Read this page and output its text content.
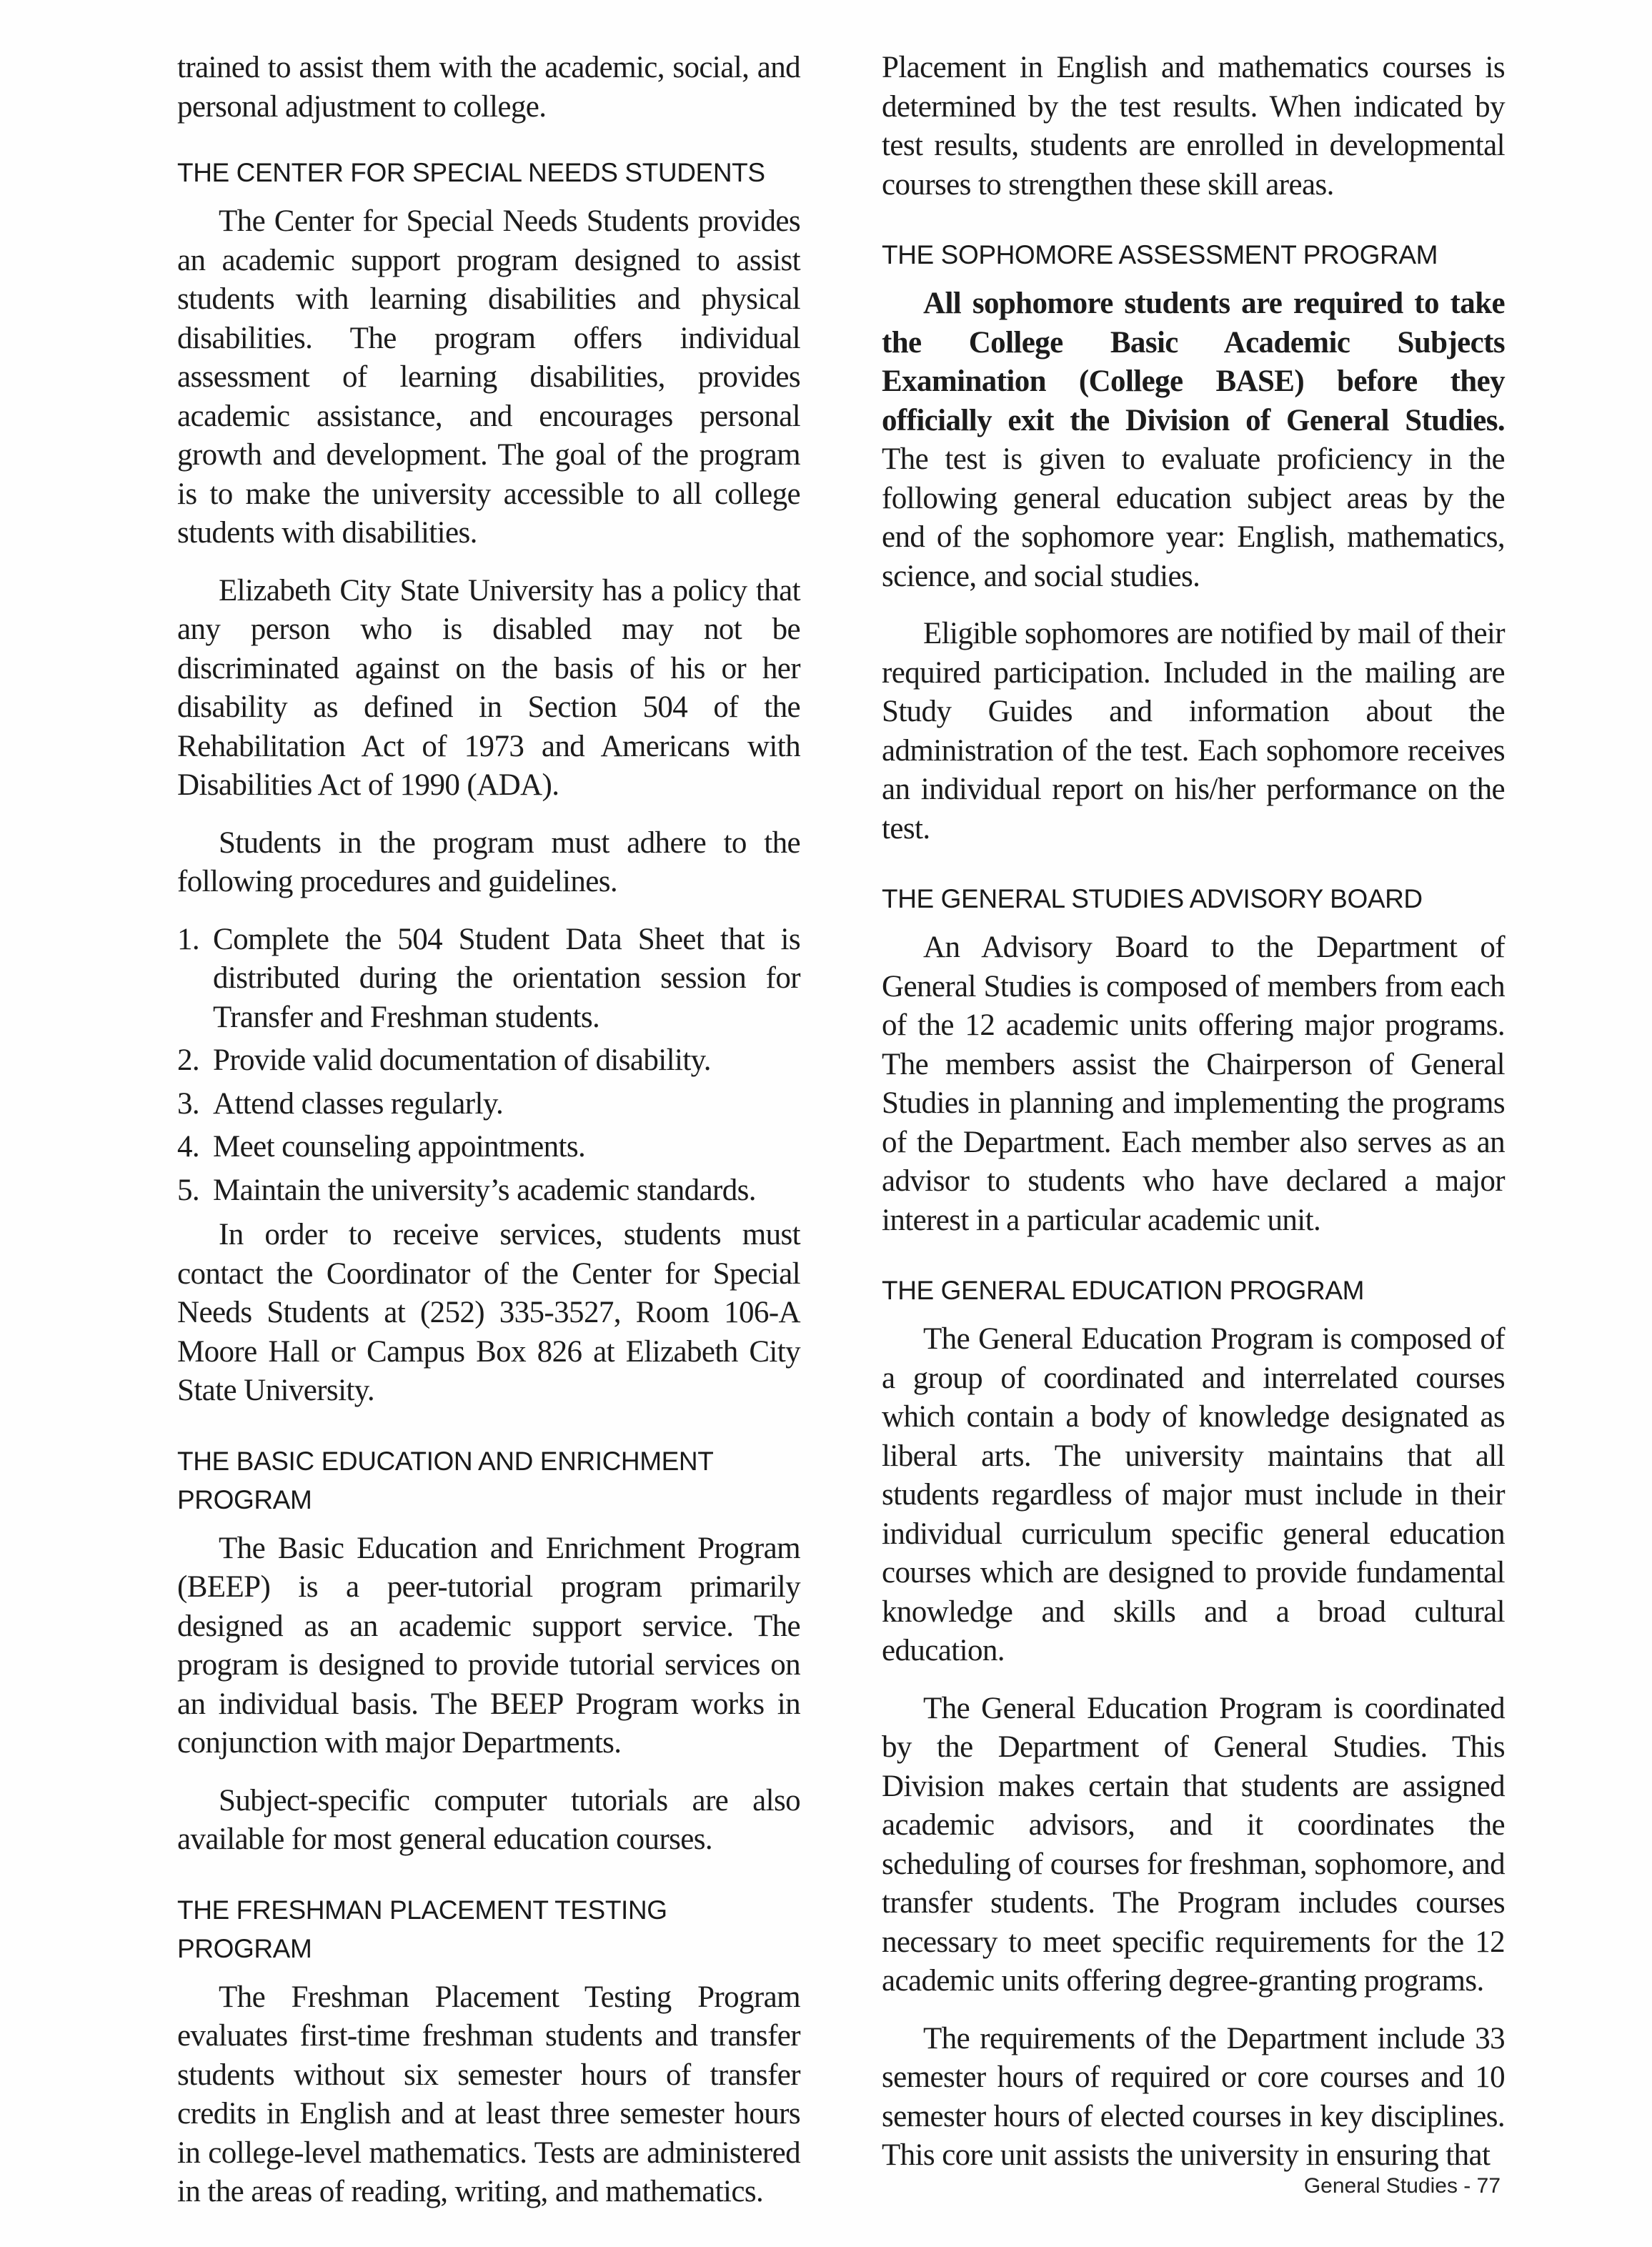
trained to assist them with the academic, social, and personal adjustment to college.

THE CENTER FOR SPECIAL NEEDS STUDENTS

The Center for Special Needs Students provides an academic support program designed to assist students with learning disabilities and physical disabilities. The program offers individual assessment of learning disabilities, provides academic assistance, and encourages personal growth and development. The goal of the program is to make the university accessible to all college students with disabilities.

Elizabeth City State University has a policy that any person who is disabled may not be discriminated against on the basis of his or her disability as defined in Section 504 of the Rehabilitation Act of 1973 and Americans with Disabilities Act of 1990 (ADA).

Students in the program must adhere to the following procedures and guidelines.

1. Complete the 504 Student Data Sheet that is distributed during the orientation session for Transfer and Freshman students.
2. Provide valid documentation of disability.
3. Attend classes regularly.
4. Meet counseling appointments.
5. Maintain the university’s academic standards.

In order to receive services, students must contact the Coordinator of the Center for Special Needs Students at (252) 335-3527, Room 106-A Moore Hall or Campus Box 826 at Elizabeth City State University.

THE BASIC EDUCATION AND ENRICHMENT PROGRAM

The Basic Education and Enrichment Program (BEEP) is a peer-tutorial program primarily designed as an academic support service. The program is designed to provide tutorial services on an individual basis. The BEEP Program works in conjunction with major Departments.

Subject-specific computer tutorials are also available for most general education courses.

THE FRESHMAN PLACEMENT TESTING PROGRAM

The Freshman Placement Testing Program evaluates first-time freshman students and transfer students without six semester hours of transfer credits in English and at least three semester hours in college-level mathematics. Tests are administered in the areas of reading, writing, and mathematics.

Placement in English and mathematics courses is determined by the test results. When indicated by test results, students are enrolled in developmental courses to strengthen these skill areas.

THE SOPHOMORE ASSESSMENT PROGRAM

All sophomore students are required to take the College Basic Academic Subjects Examination (College BASE) before they officially exit the Division of General Studies. The test is given to evaluate proficiency in the following general education subject areas by the end of the sophomore year: English, mathematics, science, and social studies.

Eligible sophomores are notified by mail of their required participation. Included in the mailing are Study Guides and information about the administration of the test. Each sophomore receives an individual report on his/her performance on the test.

THE GENERAL STUDIES ADVISORY BOARD

An Advisory Board to the Department of General Studies is composed of members from each of the 12 academic units offering major programs. The members assist the Chairperson of General Studies in planning and implementing the programs of the Department. Each member also serves as an advisor to students who have declared a major interest in a particular academic unit.

THE GENERAL EDUCATION PROGRAM

The General Education Program is composed of a group of coordinated and interrelated courses which contain a body of knowledge designated as liberal arts. The university maintains that all students regardless of major must include in their individual curriculum specific general education courses which are designed to provide fundamental knowledge and skills and a broad cultural education.

The General Education Program is coordinated by the Department of General Studies. This Division makes certain that students are assigned academic advisors, and it coordinates the scheduling of courses for freshman, sophomore, and transfer students. The Program includes courses necessary to meet specific requirements for the 12 academic units offering degree-granting programs.

The requirements of the Department include 33 semester hours of required or core courses and 10 semester hours of elected courses in key disciplines. This core unit assists the university in ensuring that

General Studies - 77
